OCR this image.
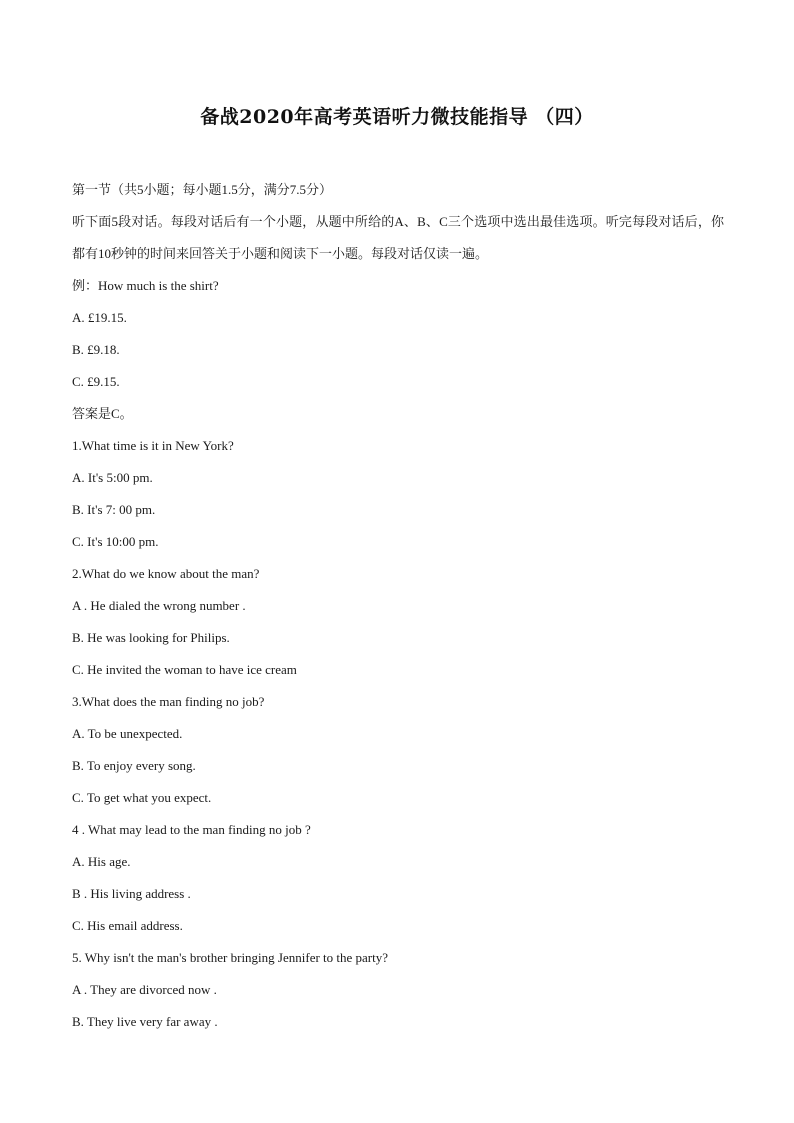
备战2020年高考英语听力微技能指导 （四）
第一节（共5小题；每小题1.5分，满分7.5分）
听下面5段对话。每段对话后有一个小题，从题中所给的A、B、C三个选项中选出最佳选项。听完每段对话后，你都有10秒钟的时间来回答关于小题和阅读下一小题。每段对话仅读一遍。
例：How much is the shirt?
A. £19.15.
B. £9.18.
C. £9.15.
答案是C。
1.What time is it in New York?
A. It's 5:00 pm.
B. It's 7: 00 pm.
C. It's 10:00 pm.
2.What do we know about the man?
A . He dialed the wrong number .
B. He was looking for Philips.
C. He invited the woman to have ice cream
3.What does the man finding no job?
A. To be unexpected.
B. To enjoy every song.
C. To get what you expect.
4 . What may lead to the man finding no job ?
A. His age.
B . His living address .
C. His email address.
5. Why isn't the man's brother bringing Jennifer to the party?
A . They are divorced now .
B. They live very far away .
